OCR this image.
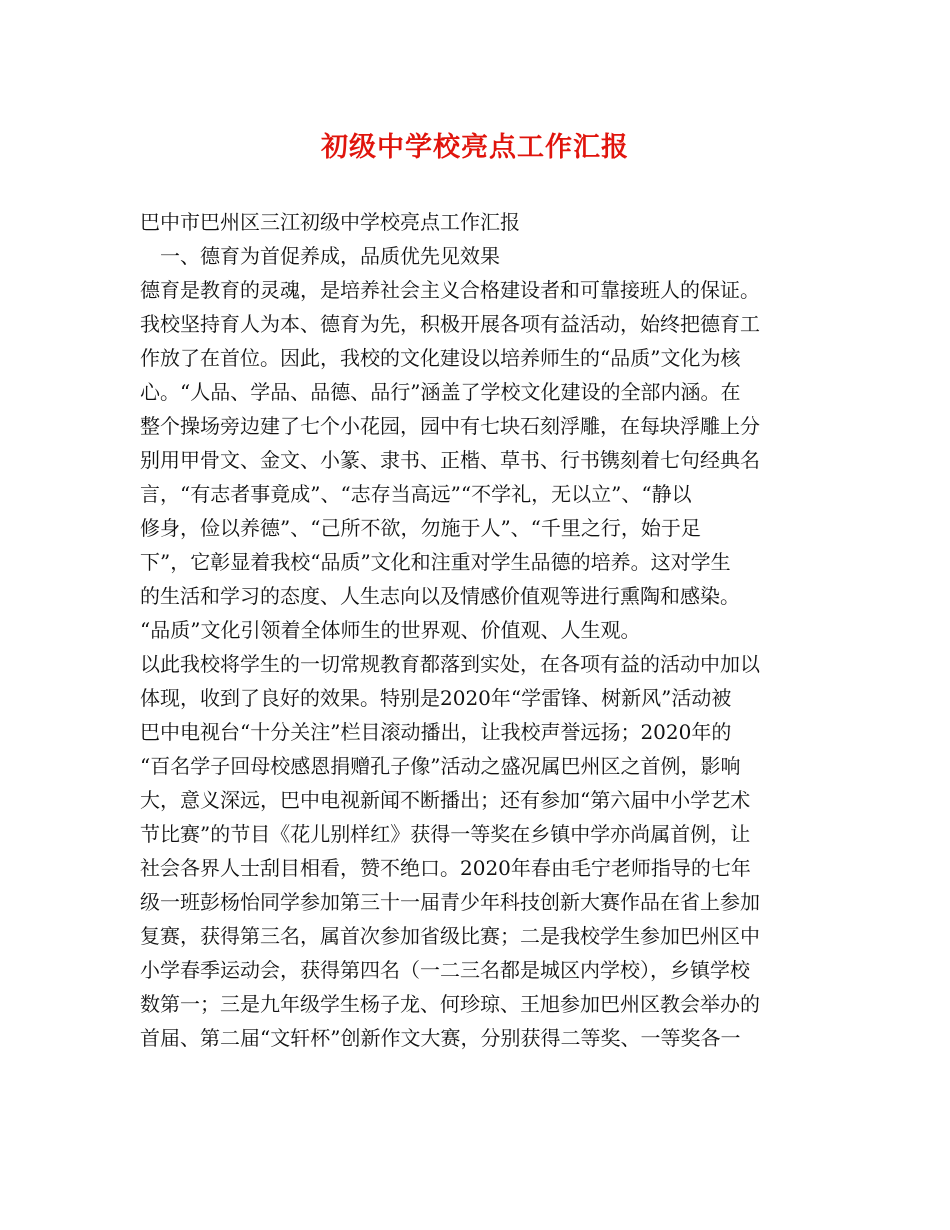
初级中学校亮点工作汇报
巴中市巴州区三江初级中学校亮点工作汇报
一、德育为首促养成，品质优先见效果
德育是教育的灵魂，是培养社会主义合格建设者和可靠接班人的保证。
我校坚持育人为本、德育为先，积极开展各项有益活动，始终把德育工
作放了在首位。因此，我校的文化建设以培养师生的“品质”文化为核
心。“人品、学品、品德、品行”涵盖了学校文化建设的全部内涵。在
整个操场旁边建了七个小花园，园中有七块石刻浮雕，在每块浮雕上分
别用甲骨文、金文、小篆、隶书、正楷、草书、行书镌刻着七句经典名
言，“有志者事竟成”、“志存当高远”“不学礼，无以立”、“静以
修身，俭以养德”、“己所不欲，勿施于人”、“千里之行，始于足
下”，它彰显着我校“品质”文化和注重对学生品德的培养。这对学生
的生活和学习的态度、人生志向以及情感价值观等进行熏陶和感染。
“品质”文化引领着全体师生的世界观、价值观、人生观。
以此我校将学生的一切常规教育都落到实处，在各项有益的活动中加以
体现，收到了良好的效果。特别是2020年“学雷锋、树新风”活动被
巴中电视台“十分关注”栏目滚动播出，让我校声誉远扬；2020年的
“百名学子回母校感恩捐赠孔子像”活动之盛况属巴州区之首例，影响
大，意义深远，巴中电视新闻不断播出；还有参加“第六届中小学艺术
节比赛”的节目《花儿别样红》获得一等奖在乡镇中学亦尚属首例，让
社会各界人士刮目相看，赞不绝口。2020年春由毛宁老师指导的七年
级一班彭杨怡同学参加第三十一届青少年科技创新大赛作品在省上参加
复赛，获得第三名，属首次参加省级比赛；二是我校学生参加巴州区中
小学春季运动会，获得第四名（一二三名都是城区内学校），乡镇学校
数第一；三是九年级学生杨子龙、何珍琼、王旭参加巴州区教会举办的
首届、第二届“文轩杯”创新作文大赛，分别获得二等奖、一等奖各一
